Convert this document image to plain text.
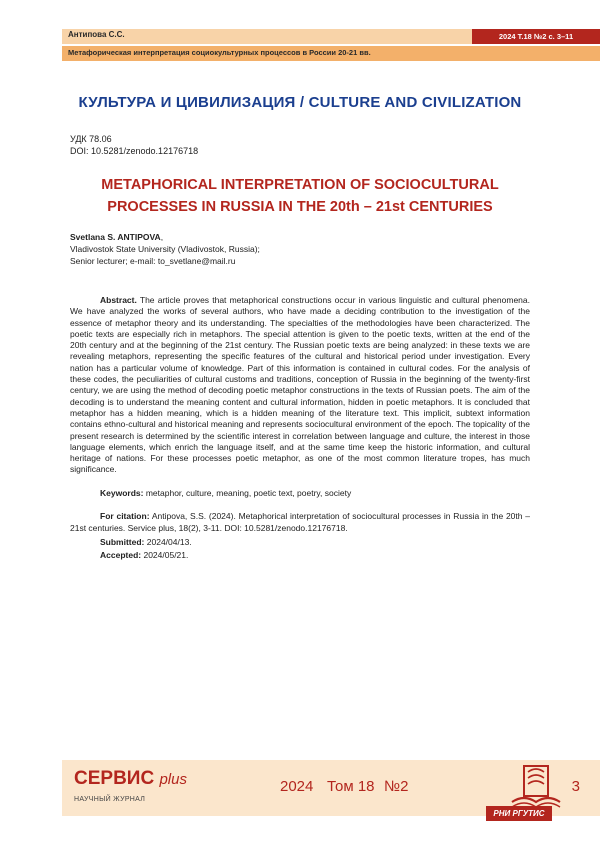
Антипова С.С.	2024 Т.18 №2 с. 3–11
Метафорическая интерпретация социокультурных процессов в России 20-21 вв.
КУЛЬТУРА И ЦИВИЛИЗАЦИЯ / CULTURE AND CIVILIZATION
УДК 78.06
DOI: 10.5281/zenodo.12176718
METAPHORICAL INTERPRETATION OF SOCIOCULTURAL
PROCESSES IN RUSSIA IN THE 20th – 21st CENTURIES
Svetlana S. ANTIPOVA,
Vladivostok State University (Vladivostok, Russia);
Senior lecturer; e-mail: to_svetlane@mail.ru
Abstract. The article proves that metaphorical constructions occur in various linguistic and cultural phenomena. We have analyzed the works of several authors, who have made a deciding contribution to the investigation of the essence of metaphor theory and its understanding. The specialties of the methodologies have been characterized. The poetic texts are especially rich in metaphors. The special attention is given to the poetic texts, written at the end of the 20th century and at the beginning of the 21st century. The Russian poetic texts are being analyzed: in these texts we are revealing metaphors, representing the specific features of the cultural and historical period under investigation. Every nation has a particular volume of knowledge. Part of this information is contained in cultural codes. For the analysis of these codes, the peculiarities of cultural customs and traditions, conception of Russia in the beginning of the twenty-first century, we are using the method of decoding poetic metaphor constructions in the texts of Russian poets. The aim of the decoding is to understand the meaning content and cultural information, hidden in poetic metaphors. It is concluded that metaphor has a hidden meaning, which is a hidden meaning of the literature text. This implicit, subtext information contains ethno-cultural and historical meaning and represents sociocultural environment of the epoch. The topicality of the present research is determined by the scientific interest in correlation between language and culture, the interest in those language elements, which enrich the language itself, and at the same time keep the historic information, and cultural heritage of nations. For these processes poetic metaphor, as one of the most common literature tropes, has much significance.
Keywords: metaphor, culture, meaning, poetic text, poetry, society
For citation: Antipova, S.S. (2024). Metaphorical interpretation of sociocultural processes in Russia in the 20th – 21st centuries. Service plus, 18(2), 3-11. DOI: 10.5281/zenodo.12176718.
Submitted: 2024/04/13.
Accepted: 2024/05/21.
СЕРВИС plus
НАУЧНЫЙ ЖУРНАЛ
2024 Том 18 №2	3
РНИ РГУТИС
